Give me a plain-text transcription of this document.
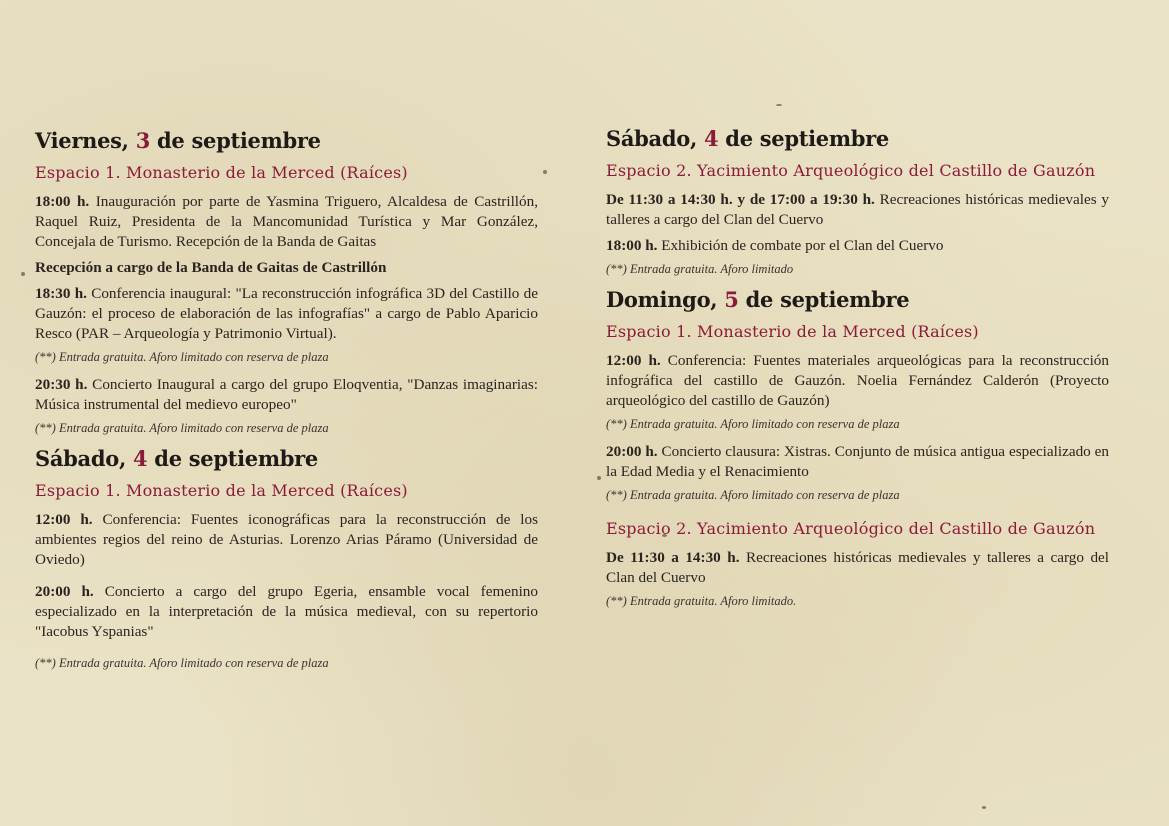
Viernes, 3 de septiembre
Espacio 1. Monasterio de la Merced (Raíces)
18:00 h. Inauguración por parte de Yasmina Triguero, Alcaldesa de Castrillón, Raquel Ruiz, Presidenta de la Mancomunidad Turística y Mar González, Concejala de Turismo. Recepción de la Banda de Gaitas
Recepción a cargo de la Banda de Gaitas de Castrillón
18:30 h. Conferencia inaugural: "La reconstrucción infográfica 3D del Castillo de Gauzón: el proceso de elaboración de las infografías" a cargo de Pablo Aparicio Resco (PAR – Arqueología y Patrimonio Virtual).
(**) Entrada gratuita. Aforo limitado con reserva de plaza
20:30 h. Concierto Inaugural a cargo del grupo Eloqventia, "Danzas imaginarias: Música instrumental del medievo europeo"
(**) Entrada gratuita. Aforo limitado con reserva de plaza
Sábado, 4 de septiembre
Espacio 1. Monasterio de la Merced (Raíces)
12:00 h. Conferencia: Fuentes iconográficas para la reconstrucción de los ambientes regios del reino de Asturias. Lorenzo Arias Páramo (Universidad de Oviedo)
20:00 h. Concierto a cargo del grupo Egeria, ensamble vocal femenino especializado en la interpretación de la música medieval, con su repertorio "Iacobus Yspanias"
(**) Entrada gratuita. Aforo limitado con reserva de plaza
Sábado, 4 de septiembre
Espacio 2. Yacimiento Arqueológico del Castillo de Gauzón
De 11:30 a 14:30 h. y de 17:00 a 19:30 h. Recreaciones históricas medievales y talleres a cargo del Clan del Cuervo
18:00 h. Exhibición de combate por el Clan del Cuervo
(**) Entrada gratuita. Aforo limitado
Domingo, 5 de septiembre
Espacio 1. Monasterio de la Merced (Raíces)
12:00 h. Conferencia: Fuentes materiales arqueológicas para la reconstrucción infográfica del castillo de Gauzón. Noelia Fernández Calderón (Proyecto arqueológico del castillo de Gauzón)
(**) Entrada gratuita. Aforo limitado con reserva de plaza
20:00 h. Concierto clausura: Xistras. Conjunto de música antigua especializado en la Edad Media y el Renacimiento
(**) Entrada gratuita. Aforo limitado con reserva de plaza
Espacio 2. Yacimiento Arqueológico del Castillo de Gauzón
De 11:30 a 14:30 h. Recreaciones históricas medievales y talleres a cargo del Clan del Cuervo
(**) Entrada gratuita. Aforo limitado.
